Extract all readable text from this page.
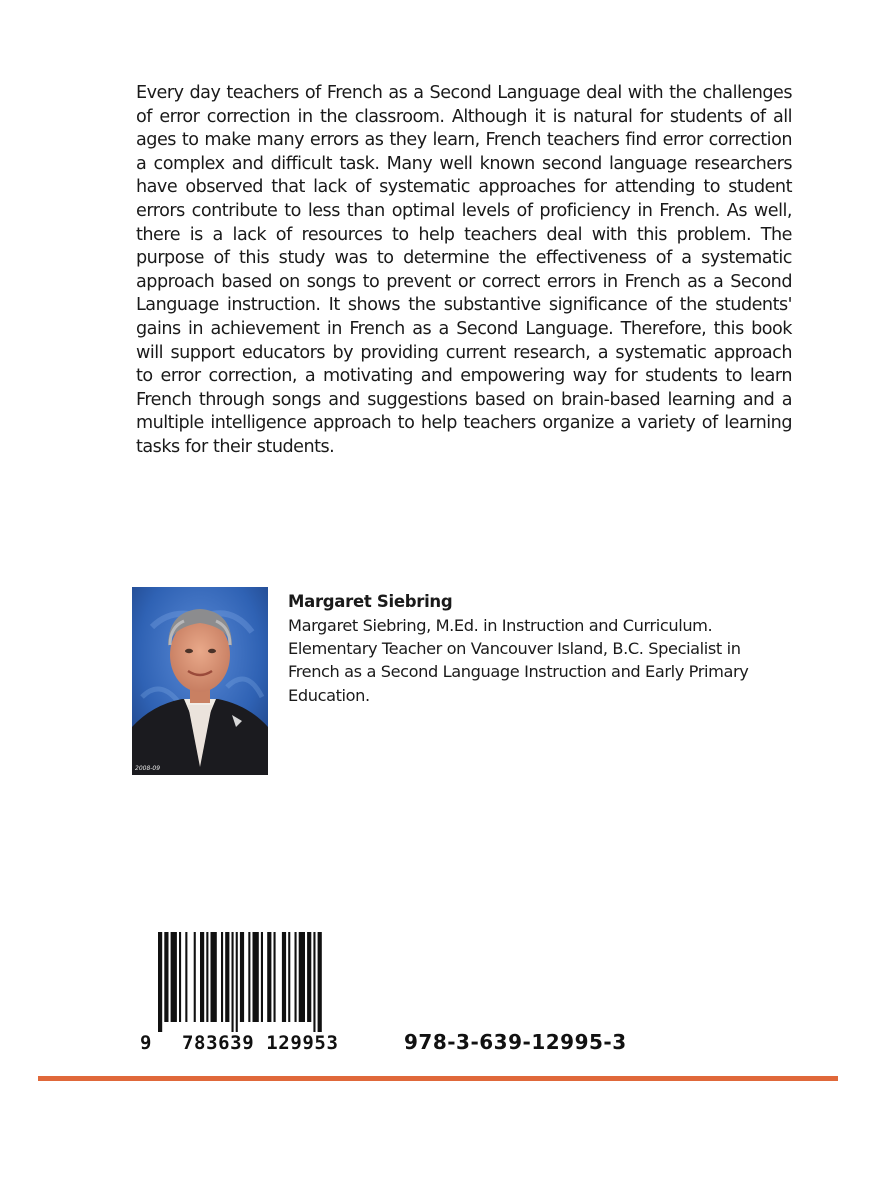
Every day teachers of French as a Second Language deal with the challenges of error correction in the classroom. Although it is natural for students of all ages to make many errors as they learn, French teachers find error correction a complex and difficult task. Many well known second language researchers have observed that lack of systematic approaches for attending to student errors contribute to less than optimal levels of proficiency in French. As well, there is a lack of resources to help teachers deal with this problem. The purpose of this study was to determine the effectiveness of a systematic approach based on songs to prevent or correct errors in French as a Second Language instruction. It shows the substantive significance of the students' gains in achievement in French as a Second Language. Therefore, this book will support educators by providing current research, a systematic approach to error correction, a motivating and empowering way for students to learn French through songs and suggestions based on brain-based learning and a multiple intelligence approach to help teachers organize a variety of learning tasks for their students.

2008-09
Margaret Siebring

Margaret Siebring, M.Ed. in Instruction and Curriculum. Elementary Teacher on Vancouver Island, B.C. Specialist in French as a Second Language Instruction and Early Primary Education.

9 783639 129953	978-3-639-12995-3
